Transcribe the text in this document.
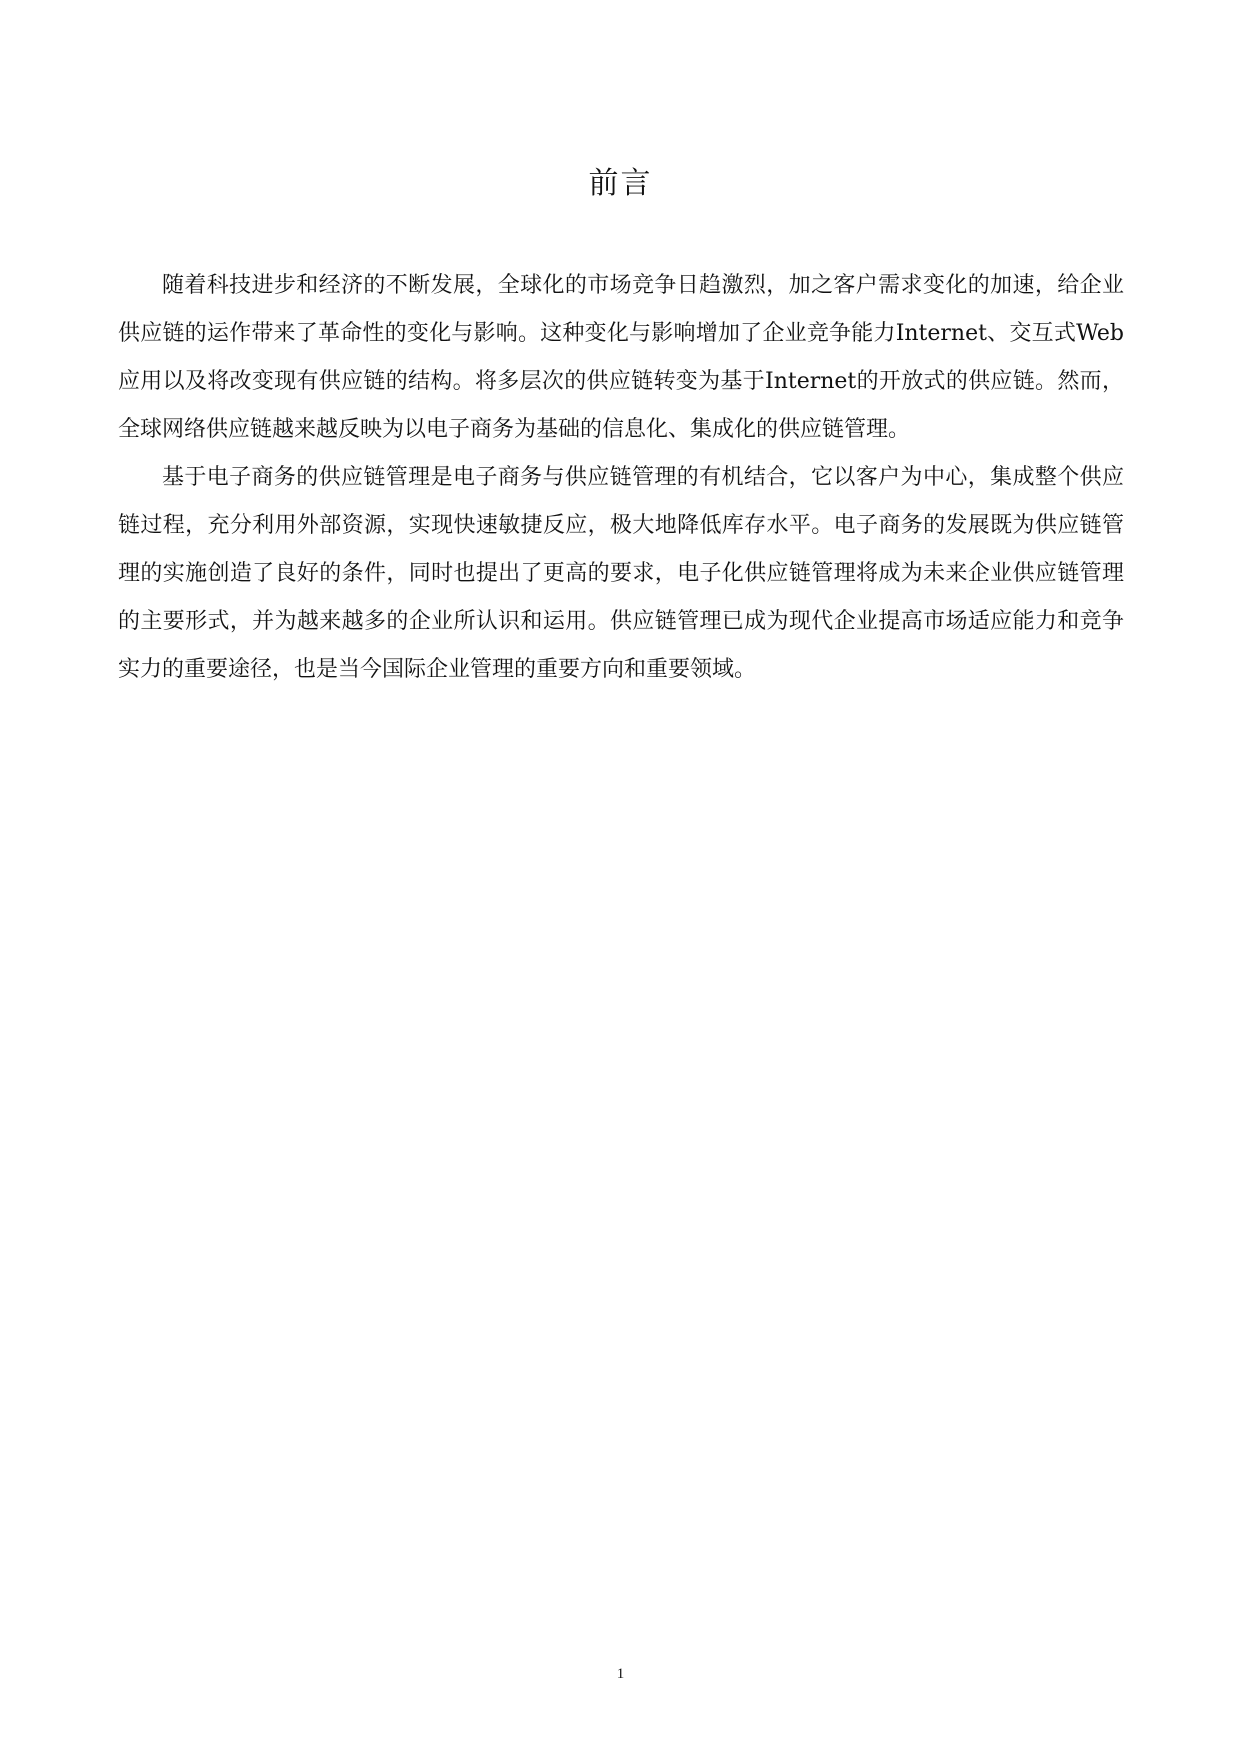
前言

随着科技进步和经济的不断发展，全球化的市场竞争日趋激烈，加之客户需求变化的加速，给企业供应链的运作带来了革命性的变化与影响。这种变化与影响增加了企业竞争能力Internet、交互式Web应用以及将改变现有供应链的结构。将多层次的供应链转变为基于Internet的开放式的供应链。然而，全球网络供应链越来越反映为以电子商务为基础的信息化、集成化的供应链管理。

基于电子商务的供应链管理是电子商务与供应链管理的有机结合，它以客户为中心，集成整个供应链过程，充分利用外部资源，实现快速敏捷反应，极大地降低库存水平。电子商务的发展既为供应链管理的实施创造了良好的条件，同时也提出了更高的要求，电子化供应链管理将成为未来企业供应链管理的主要形式，并为越来越多的企业所认识和运用。供应链管理已成为现代企业提高市场适应能力和竞争实力的重要途径，也是当今国际企业管理的重要方向和重要领域。

1
